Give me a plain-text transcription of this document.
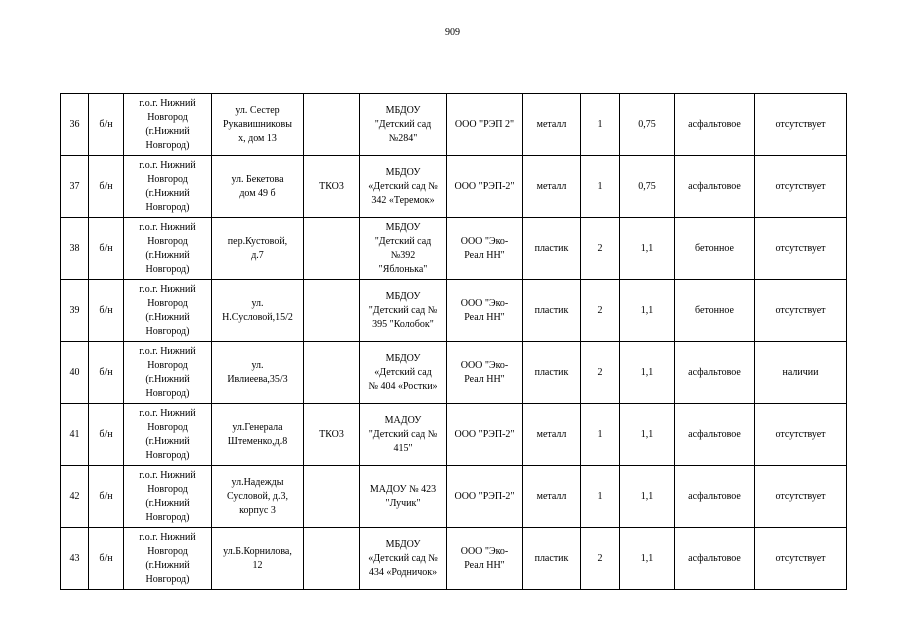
909
36	б/н	г.о.г. Нижний
Новгород
(г.Нижний
Новгород)	ул. Сестер
Рукавишниковы
х, дом 13		МБДОУ
"Детский сад
№284"	ООО "РЭП 2"	металл	1	0,75	асфальтовое	отсутствует
37	б/н	г.о.г. Нижний
Новгород
(г.Нижний
Новгород)	ул. Бекетова
дом 49 б	ТКО3	МБДОУ
«Детский сад №
342 «Теремок»	ООО "РЭП-2"	металл	1	0,75	асфальтовое	отсутствует
38	б/н	г.о.г. Нижний
Новгород
(г.Нижний
Новгород)	пер.Кустовой,
д.7		МБДОУ
"Детский сад
№392
"Яблонька"	ООО "Эко-
Реал НН"	пластик	2	1,1	бетонное	отсутствует
39	б/н	г.о.г. Нижний
Новгород
(г.Нижний
Новгород)	ул.
Н.Сусловой,15/2		МБДОУ
"Детский сад №
395 "Колобок"	ООО "Эко-
Реал НН"	пластик	2	1,1	бетонное	отсутствует
40	б/н	г.о.г. Нижний
Новгород
(г.Нижний
Новгород)	ул.
Ивлиеева,35/3		МБДОУ
«Детский сад
№ 404 «Ростки»	ООО "Эко-
Реал НН"	пластик	2	1,1	асфальтовое	наличии
41	б/н	г.о.г. Нижний
Новгород
(г.Нижний
Новгород)	ул.Генерала
Штеменко,д.8	ТКО3	МАДОУ
"Детский сад №
415"	ООО "РЭП-2"	металл	1	1,1	асфальтовое	отсутствует
42	б/н	г.о.г. Нижний
Новгород
(г.Нижний
Новгород)	ул.Надежды
Сусловой, д.3,
корпус 3		МАДОУ № 423
"Лучик"	ООО "РЭП-2"	металл	1	1,1	асфальтовое	отсутствует
43	б/н	г.о.г. Нижний
Новгород
(г.Нижний
Новгород)	ул.Б.Корнилова,
12		МБДОУ
«Детский сад №
434 «Родничок»	ООО "Эко-
Реал НН"	пластик	2	1,1	асфальтовое	отсутствует
